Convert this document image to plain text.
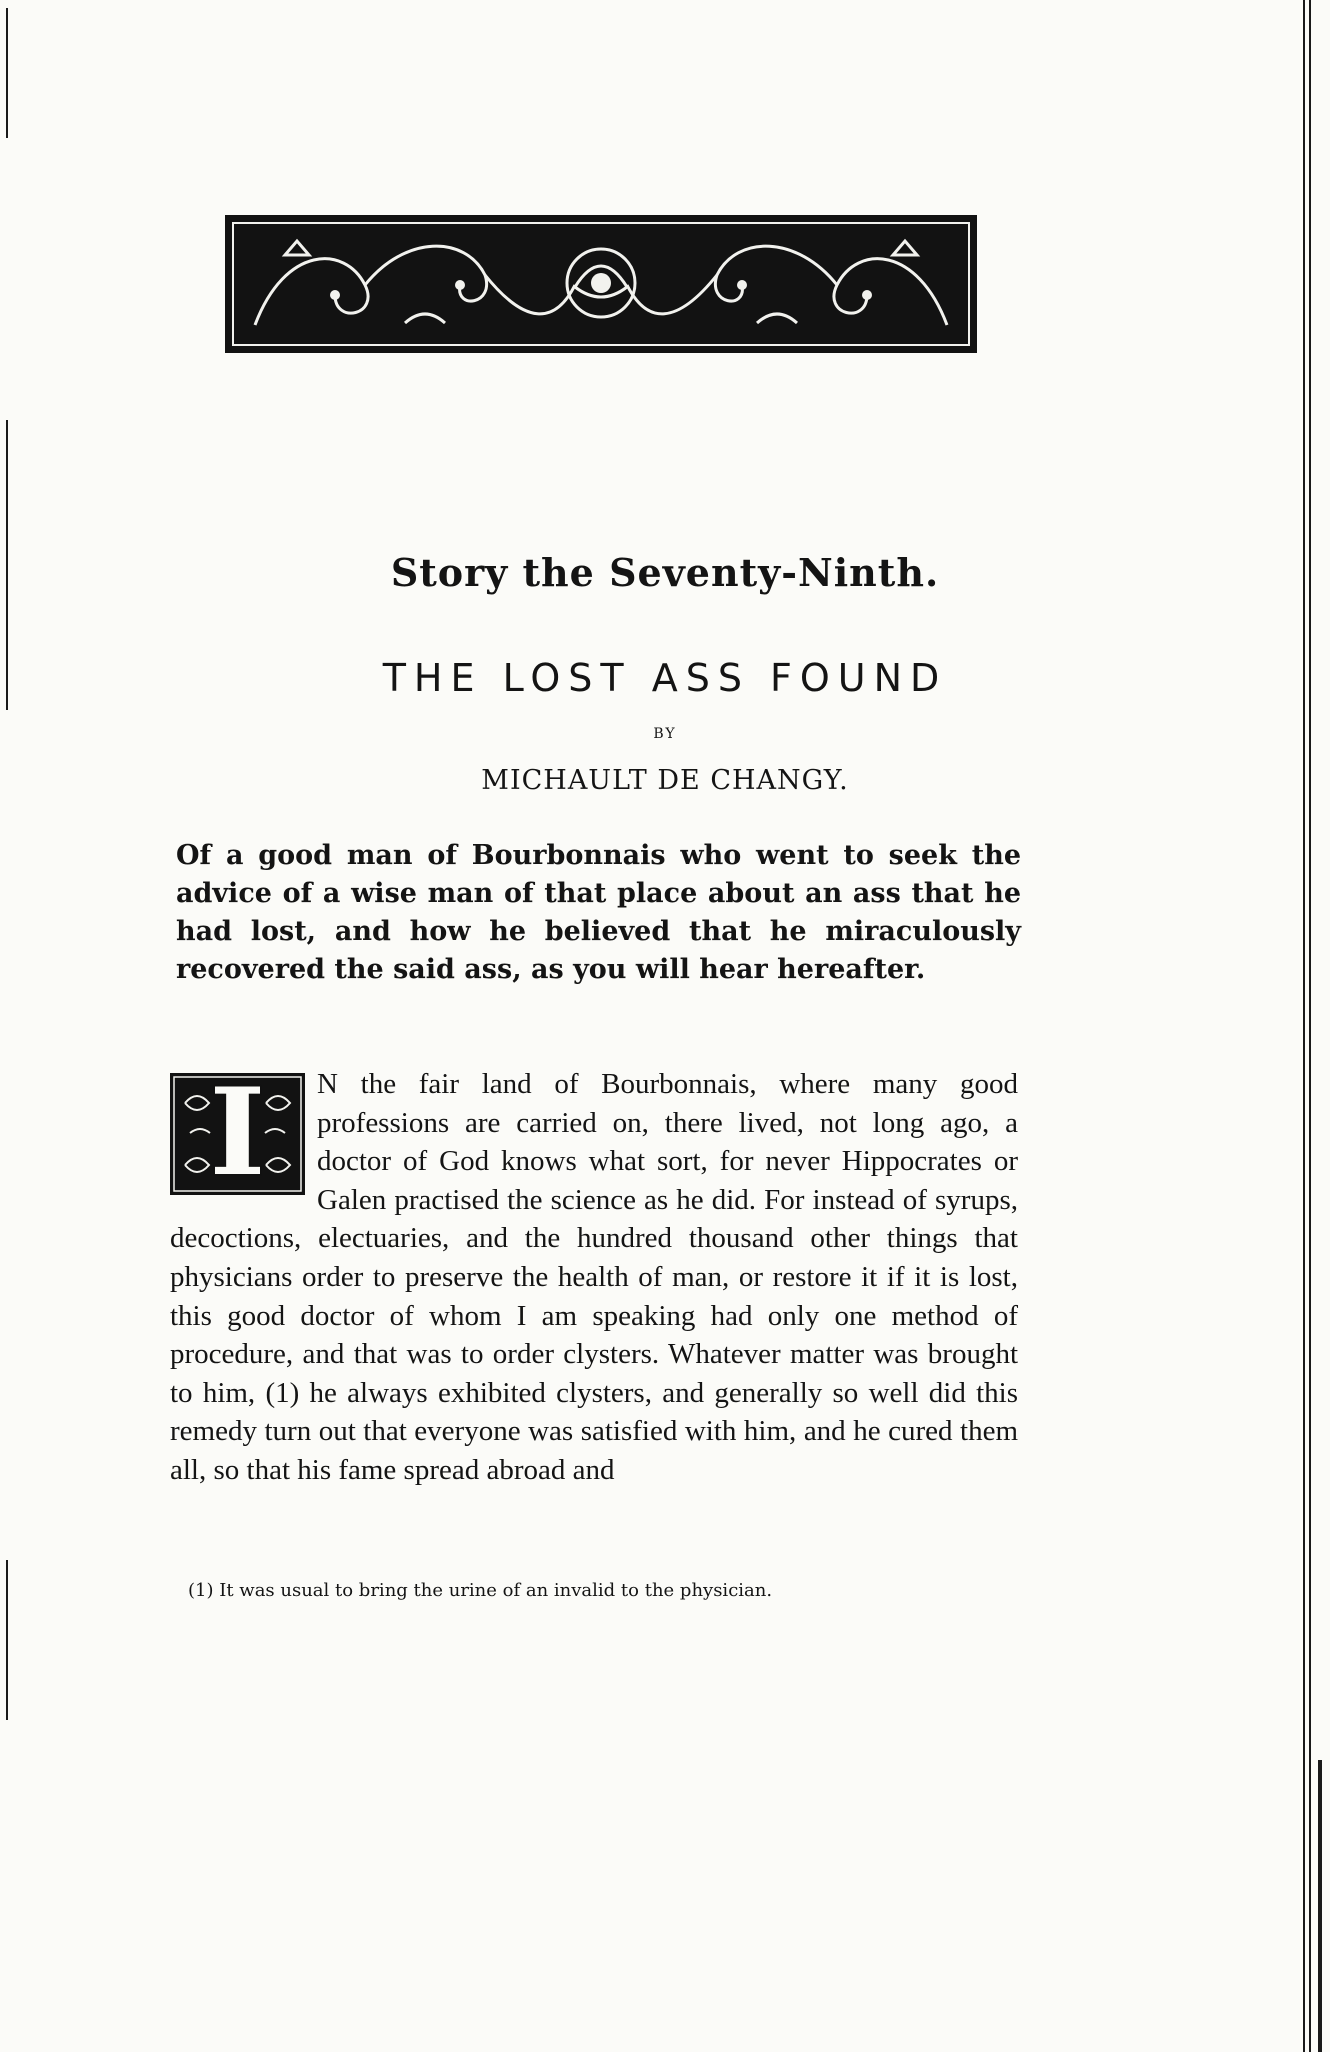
Story the Seventy-Ninth.
THE LOST ASS FOUND
BY
MICHAULT DE CHANGY.
Of a good man of Bourbonnais who went to seek the advice of a wise man of that place about an ass that he had lost, and how he believed that he miraculously recovered the said ass, as you will hear hereafter.
I	N the fair land of Bourbonnais, where many good professions are carried on, there lived, not long ago, a doctor of God knows what sort, for never Hippocrates or Galen practised the science as he did. For instead of syrups, decoctions, electuaries, and the hundred thousand other things that physicians order to preserve the health of man, or restore it if it is lost, this good doctor of whom I am speaking had only one method of procedure, and that was to order clysters. Whatever matter was brought to him, (1) he always exhibited clysters, and generally so well did this remedy turn out that everyone was satisfied with him, and he cured them all, so that his fame spread abroad and
(1) It was usual to bring the urine of an invalid to the physician.
